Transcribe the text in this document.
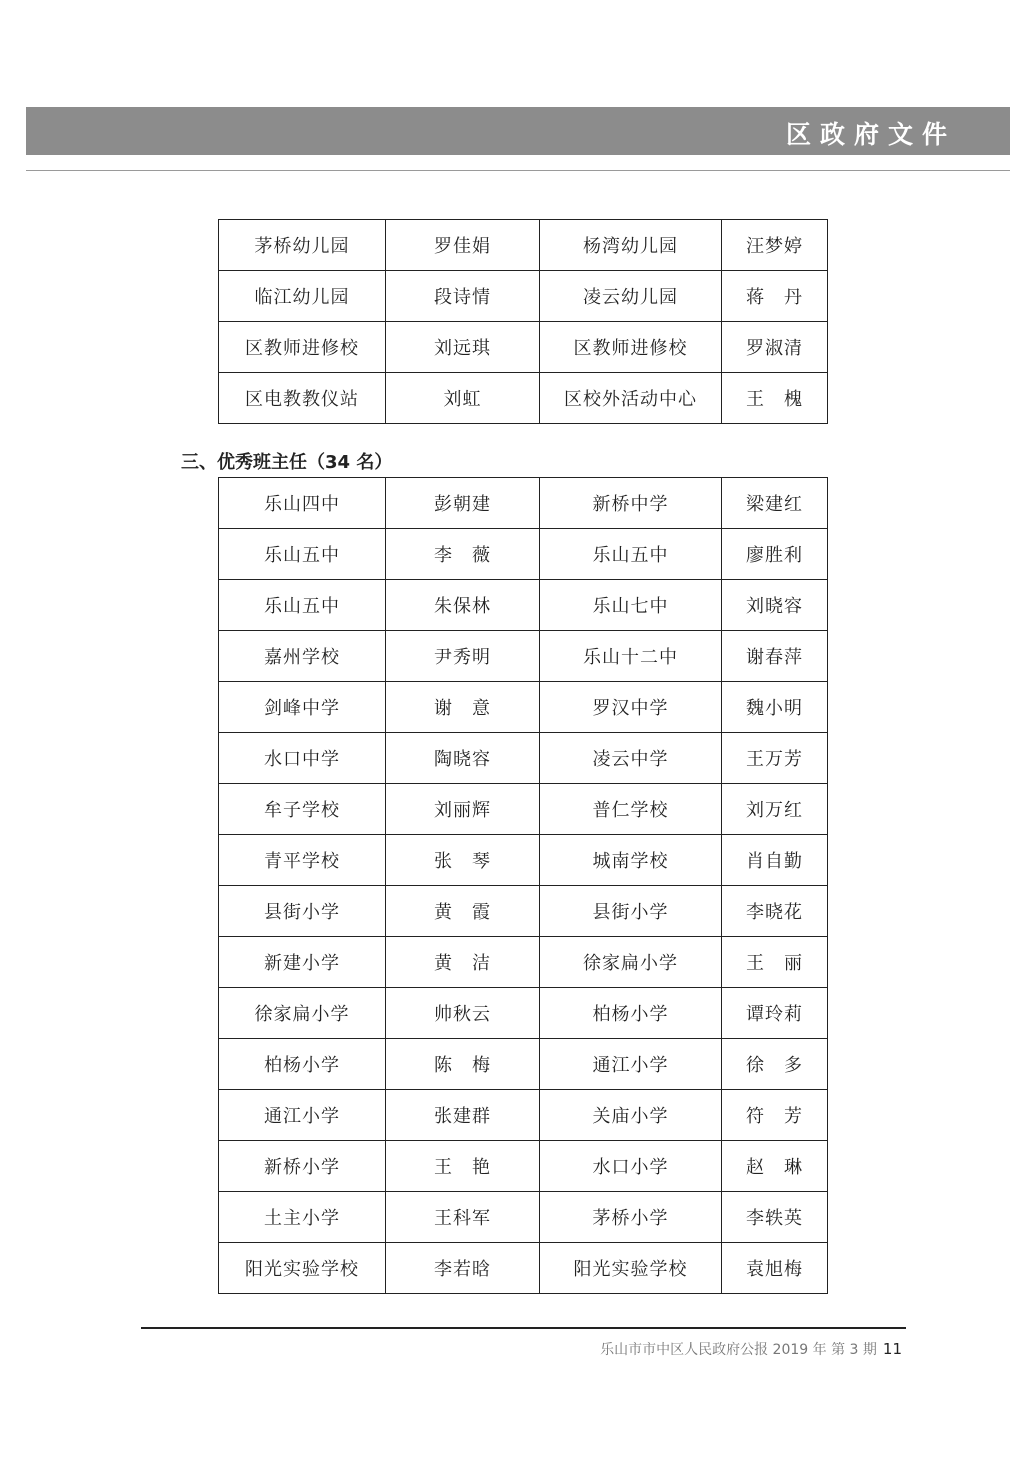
区政府文件
茅桥幼儿园	罗佳娟	杨湾幼儿园	汪梦婷
临江幼儿园	段诗情	凌云幼儿园	蒋　丹
区教师进修校	刘远琪	区教师进修校	罗淑清
区电教教仪站	刘虹	区校外活动中心	王　槐
三、优秀班主任（34 名）
乐山四中	彭朝建	新桥中学	梁建红
乐山五中	李　薇	乐山五中	廖胜利
乐山五中	朱保林	乐山七中	刘晓容
嘉州学校	尹秀明	乐山十二中	谢春萍
剑峰中学	谢　意	罗汉中学	魏小明
水口中学	陶晓容	凌云中学	王万芳
牟子学校	刘丽辉	普仁学校	刘万红
青平学校	张　琴	城南学校	肖自勤
县街小学	黄　霞	县街小学	李晓花
新建小学	黄　洁	徐家扁小学	王　丽
徐家扁小学	帅秋云	柏杨小学	谭玲莉
柏杨小学	陈　梅	通江小学	徐　多
通江小学	张建群	关庙小学	符　芳
新桥小学	王　艳	水口小学	赵　琳
土主小学	王科军	茅桥小学	李轶英
阳光实验学校	李若晗	阳光实验学校	袁旭梅
乐山市市中区人民政府公报 2019 年 第 3 期 11
